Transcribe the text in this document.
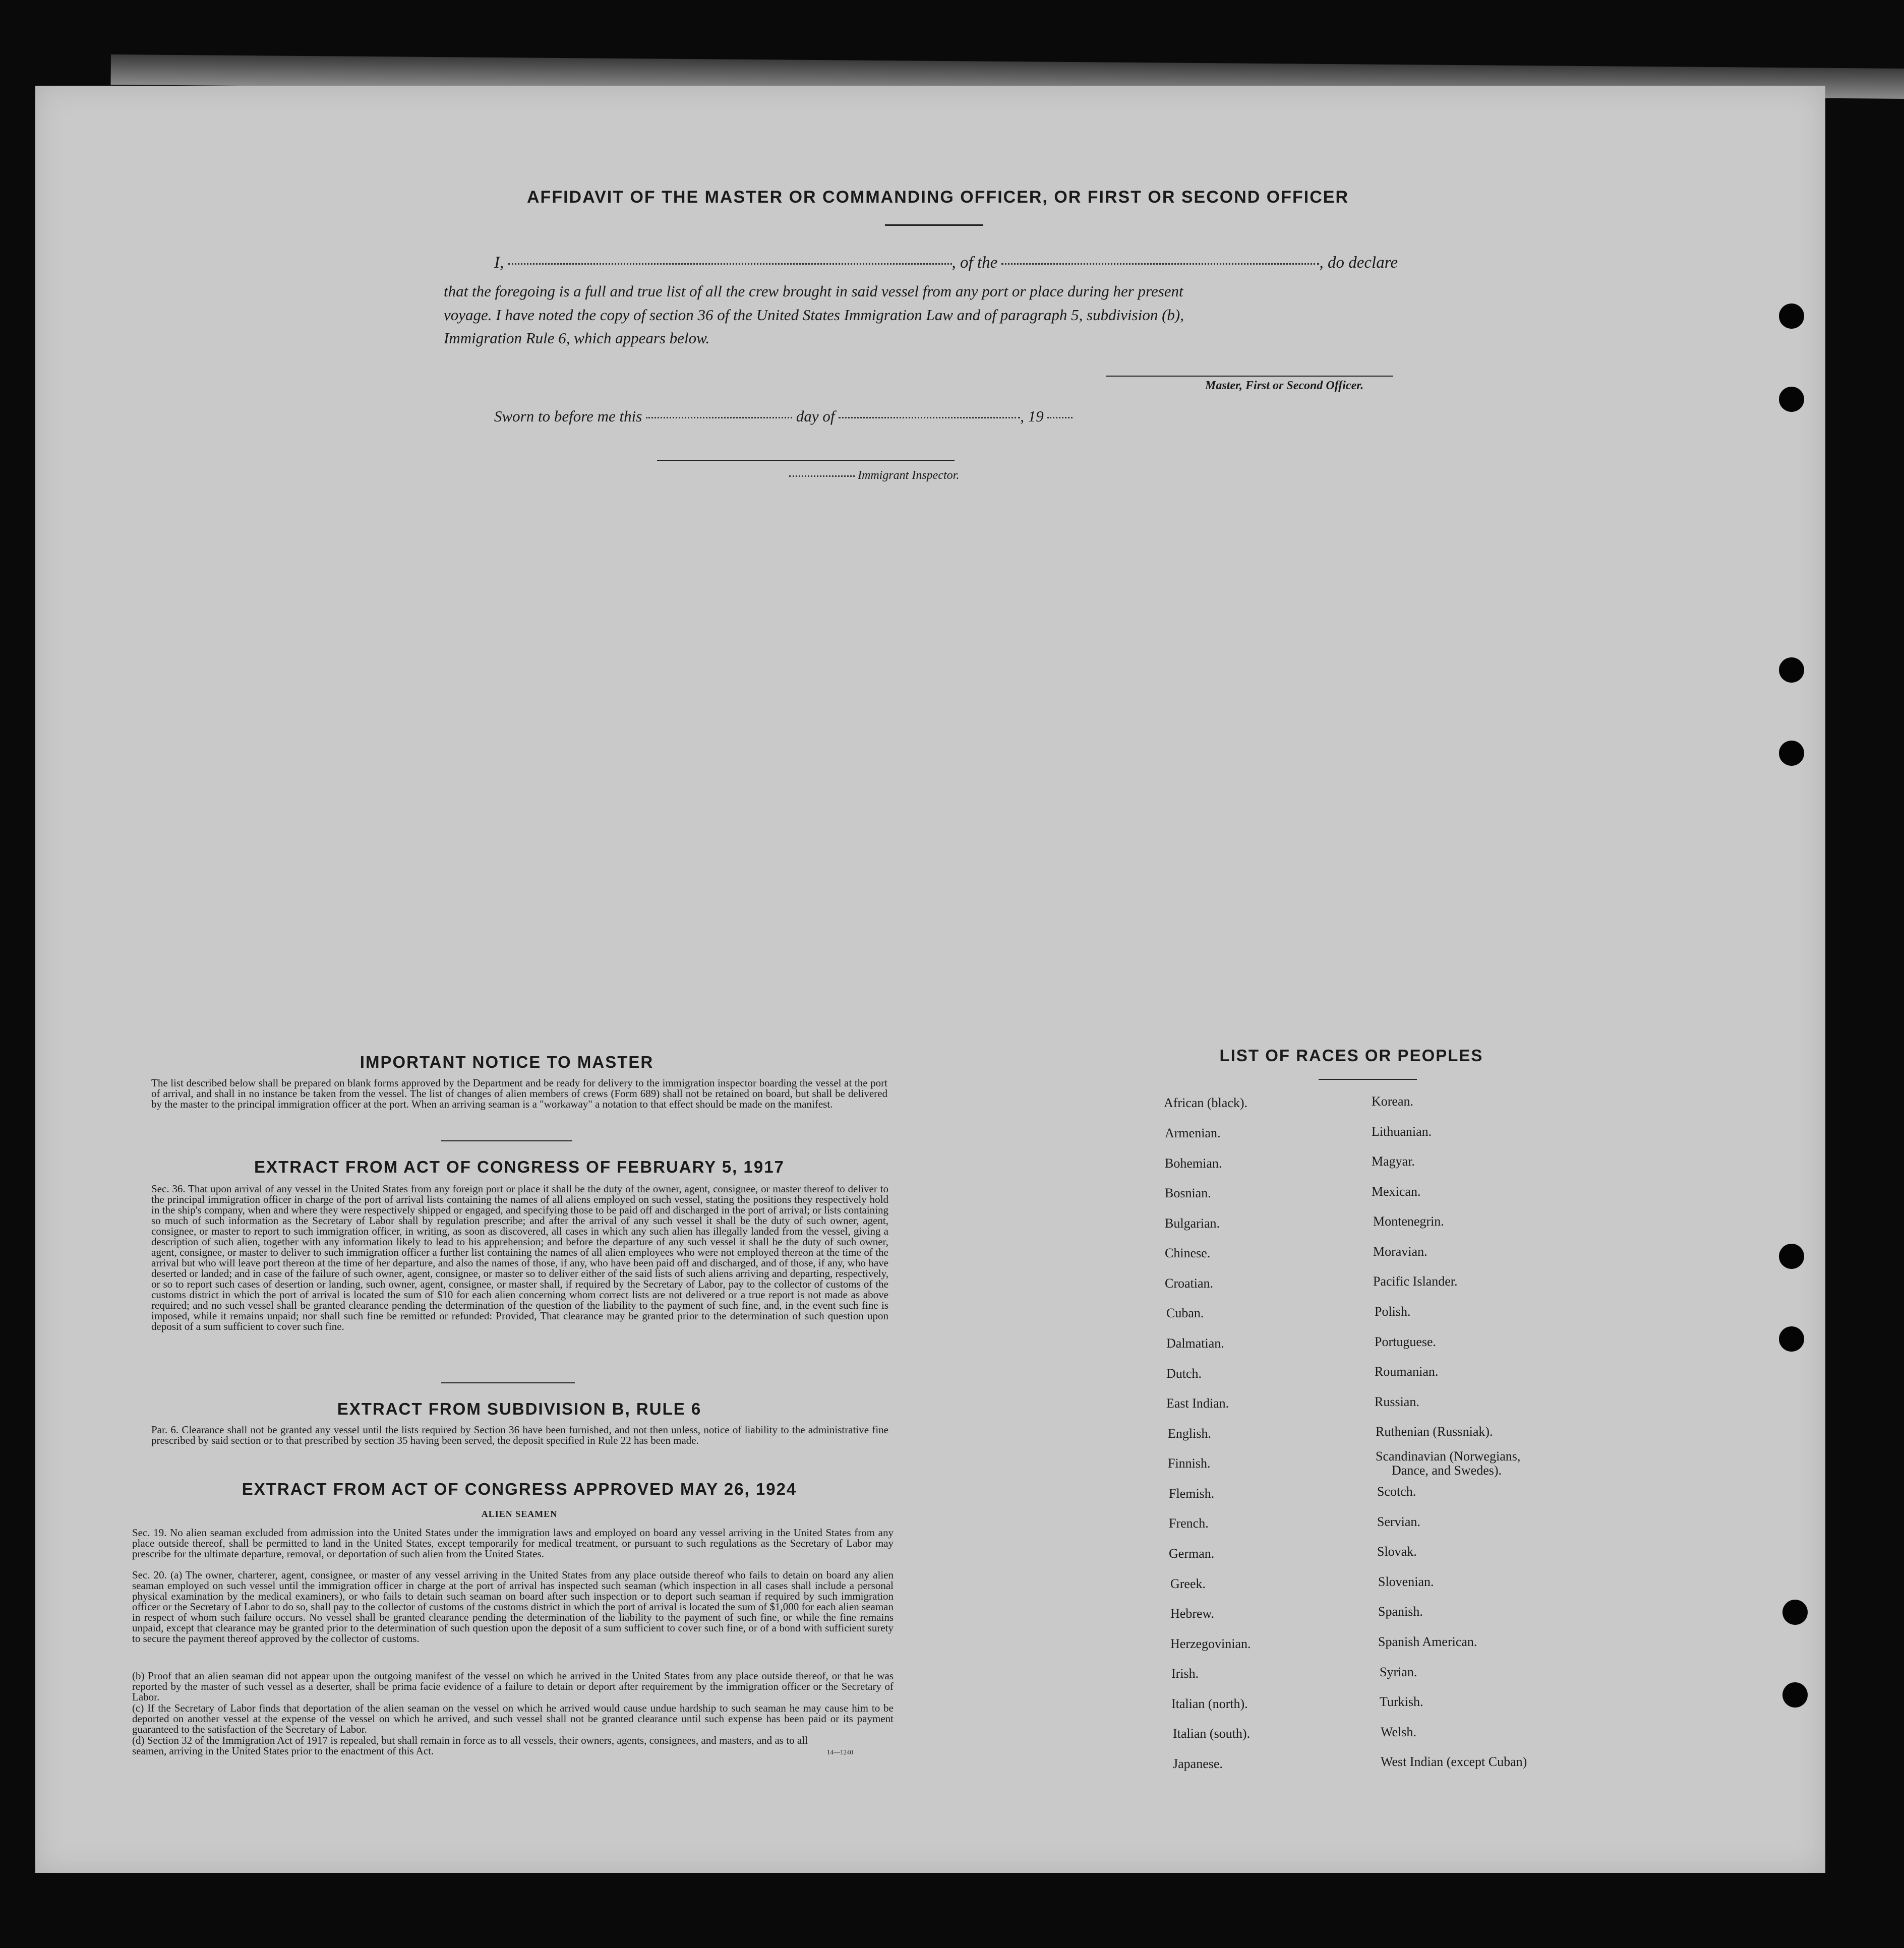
AFFIDAVIT OF THE MASTER OR COMMANDING OFFICER, OR FIRST OR SECOND OFFICER
I,	, of the	, do declare
that the foregoing is a full and true list of all the crew brought in said vessel from any port or place during her present
voyage. I have noted the copy of section 36 of the United States Immigration Law and of paragraph 5, subdivision (b),
Immigration Rule 6, which appears below.
Master, First or Second Officer.
Sworn to before me this	day of	, 19
Immigrant Inspector.
IMPORTANT NOTICE TO MASTER
The list described below shall be prepared on blank forms approved by the Department and be ready for delivery to the immigration inspector boarding the vessel at the port of arrival, and shall in no instance be taken from the vessel. The list of changes of alien members of crews (Form 689) shall not be retained on board, but shall be delivered by the master to the principal immigration officer at the port. When an arriving seaman is a "workaway" a notation to that effect should be made on the manifest.
EXTRACT FROM ACT OF CONGRESS OF FEBRUARY 5, 1917
Sec. 36. That upon arrival of any vessel in the United States from any foreign port or place it shall be the duty of the owner, agent, consignee, or master thereof to deliver to the principal immigration officer in charge of the port of arrival lists containing the names of all aliens employed on such vessel, stating the positions they respectively hold in the ship's company, when and where they were respectively shipped or engaged, and specifying those to be paid off and discharged in the port of arrival; or lists containing so much of such information as the Secretary of Labor shall by regulation prescribe; and after the arrival of any such vessel it shall be the duty of such owner, agent, consignee, or master to report to such immigration officer, in writing, as soon as discovered, all cases in which any such alien has illegally landed from the vessel, giving a description of such alien, together with any information likely to lead to his apprehension; and before the departure of any such vessel it shall be the duty of such owner, agent, consignee, or master to deliver to such immigration officer a further list containing the names of all alien employees who were not employed thereon at the time of the arrival but who will leave port thereon at the time of her departure, and also the names of those, if any, who have been paid off and discharged, and of those, if any, who have deserted or landed; and in case of the failure of such owner, agent, consignee, or master so to deliver either of the said lists of such aliens arriving and departing, respectively, or so to report such cases of desertion or landing, such owner, agent, consignee, or master shall, if required by the Secretary of Labor, pay to the collector of customs of the customs district in which the port of arrival is located the sum of $10 for each alien concerning whom correct lists are not delivered or a true report is not made as above required; and no such vessel shall be granted clearance pending the determination of the question of the liability to the payment of such fine, and, in the event such fine is imposed, while it remains unpaid; nor shall such fine be remitted or refunded: Provided, That clearance may be granted prior to the determination of such question upon deposit of a sum sufficient to cover such fine.
EXTRACT FROM SUBDIVISION B, RULE 6
Par. 6. Clearance shall not be granted any vessel until the lists required by Section 36 have been furnished, and not then unless, notice of liability to the administrative fine prescribed by said section or to that prescribed by section 35 having been served, the deposit specified in Rule 22 has been made.
EXTRACT FROM ACT OF CONGRESS APPROVED MAY 26, 1924
ALIEN SEAMEN
Sec. 19. No alien seaman excluded from admission into the United States under the immigration laws and employed on board any vessel arriving in the United States from any place outside thereof, shall be permitted to land in the United States, except temporarily for medical treatment, or pursuant to such regulations as the Secretary of Labor may prescribe for the ultimate departure, removal, or deportation of such alien from the United States.
Sec. 20. (a) The owner, charterer, agent, consignee, or master of any vessel arriving in the United States from any place outside thereof who fails to detain on board any alien seaman employed on such vessel until the immigration officer in charge at the port of arrival has inspected such seaman (which inspection in all cases shall include a personal physical examination by the medical examiners), or who fails to detain such seaman on board after such inspection or to deport such seaman if required by such immigration officer or the Secretary of Labor to do so, shall pay to the collector of customs of the customs district in which the port of arrival is located the sum of $1,000 for each alien seaman in respect of whom such failure occurs. No vessel shall be granted clearance pending the determination of the liability to the payment of such fine, or while the fine remains unpaid, except that clearance may be granted prior to the determination of such question upon the deposit of a sum sufficient to cover such fine, or of a bond with sufficient surety to secure the payment thereof approved by the collector of customs.
(b) Proof that an alien seaman did not appear upon the outgoing manifest of the vessel on which he arrived in the United States from any place outside thereof, or that he was reported by the master of such vessel as a deserter, shall be prima facie evidence of a failure to detain or deport after requirement by the immigration officer or the Secretary of Labor.
(c) If the Secretary of Labor finds that deportation of the alien seaman on the vessel on which he arrived would cause undue hardship to such seaman he may cause him to be deported on another vessel at the expense of the vessel on which he arrived, and such vessel shall not be granted clearance until such expense has been paid or its payment guaranteed to the satisfaction of the Secretary of Labor.
(d) Section 32 of the Immigration Act of 1917 is repealed, but shall remain in force as to all vessels, their owners, agents, consignees, and masters, and as to all seamen, arriving in the United States prior to the enactment of this Act.	14—1240
LIST OF RACES OR PEOPLES
African (black).
Armenian.
Bohemian.
Bosnian.
Bulgarian.
Chinese.
Croatian.
Cuban.
Dalmatian.
Dutch.
East Indian.
English.
Finnish.
Flemish.
French.
German.
Greek.
Hebrew.
Herzegovinian.
Irish.
Italian (north).
Italian (south).
Japanese.
Korean.
Lithuanian.
Magyar.
Mexican.
Montenegrin.
Moravian.
Pacific Islander.
Polish.
Portuguese.
Roumanian.
Russian.
Ruthenian (Russniak).
Scandinavian (Norwegians,
Dance, and Swedes).
Scotch.
Servian.
Slovak.
Slovenian.
Spanish.
Spanish American.
Syrian.
Turkish.
Welsh.
West Indian (except Cuban)
